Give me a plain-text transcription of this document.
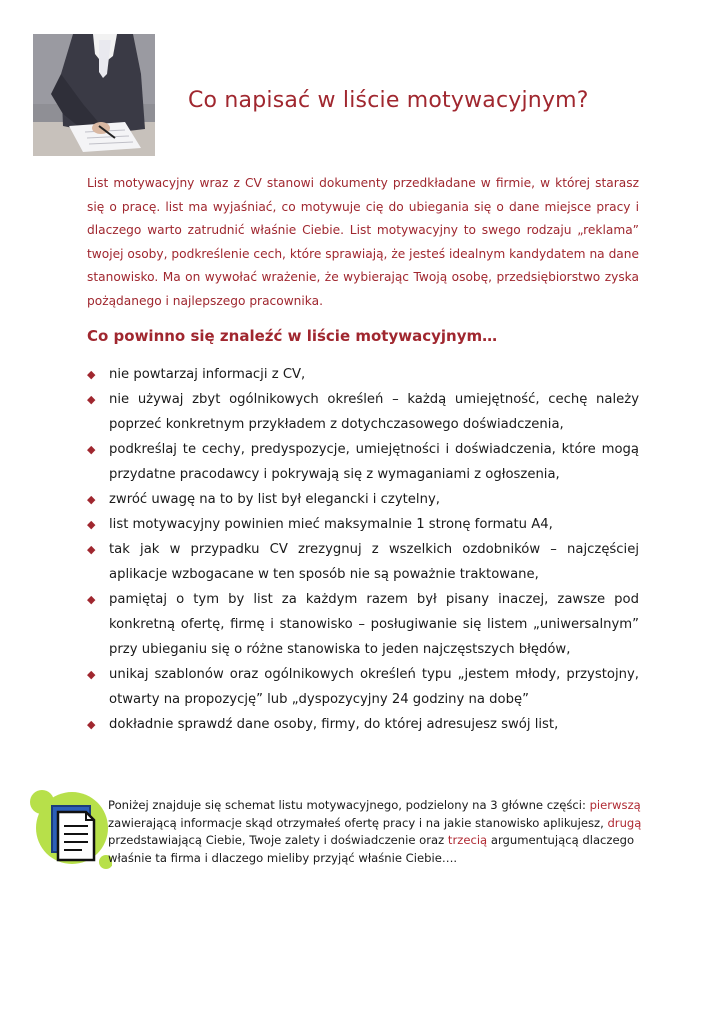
Co napisać w liście motywacyjnym?
List motywacyjny wraz z CV stanowi dokumenty przedkładane w firmie, w której starasz się o pracę. list ma wyjaśniać, co motywuje cię do ubiegania się o dane miejsce pracy i dlaczego warto zatrudnić właśnie Ciebie. List motywacyjny to swego rodzaju „reklama” twojej osoby, podkreślenie cech, które sprawiają, że jesteś idealnym kandydatem na dane stanowisko. Ma on wywołać wrażenie, że wybierając Twoją osobę, przedsiębiorstwo zyska pożądanego i najlepszego pracownika.
Co powinno się znaleźć w liście motywacyjnym…
◆ nie powtarzaj informacji z CV,
◆ nie używaj zbyt ogólnikowych określeń – każdą umiejętność, cechę należy poprzeć konkretnym przykładem z dotychczasowego doświadczenia,
◆ podkreślaj te cechy, predyspozycje, umiejętności i doświadczenia, które mogą przydatne pracodawcy i pokrywają się z wymaganiami z ogłoszenia,
◆ zwróć uwagę na to by list był elegancki i czytelny,
◆ list motywacyjny powinien mieć maksymalnie 1 stronę formatu A4,
◆ tak jak w przypadku CV zrezygnuj z wszelkich ozdobników – najczęściej aplikacje wzbogacane w ten sposób nie są poważnie traktowane,
◆ pamiętaj o tym by list za każdym razem był pisany inaczej, zawsze pod konkretną ofertę, firmę i stanowisko – posługiwanie się listem „uniwersalnym” przy ubieganiu się o różne stanowiska to jeden najczęstszych błędów,
◆ unikaj szablonów oraz ogólnikowych określeń typu „jestem młody, przystojny, otwarty na propozycję” lub „dyspozycyjny 24 godziny na dobę”
◆ dokładnie sprawdź dane osoby, firmy, do której adresujesz swój list,
Poniżej znajduje się schemat listu motywacyjnego, podzielony na 3 główne części: pierwszą zawierającą informacje skąd otrzymałeś ofertę pracy i na jakie stanowisko aplikujesz, drugą przedstawiającą Ciebie, Twoje zalety i doświadczenie oraz trzecią argumentującą dlaczego właśnie ta firma i dlaczego mieliby przyjąć właśnie Ciebie….
